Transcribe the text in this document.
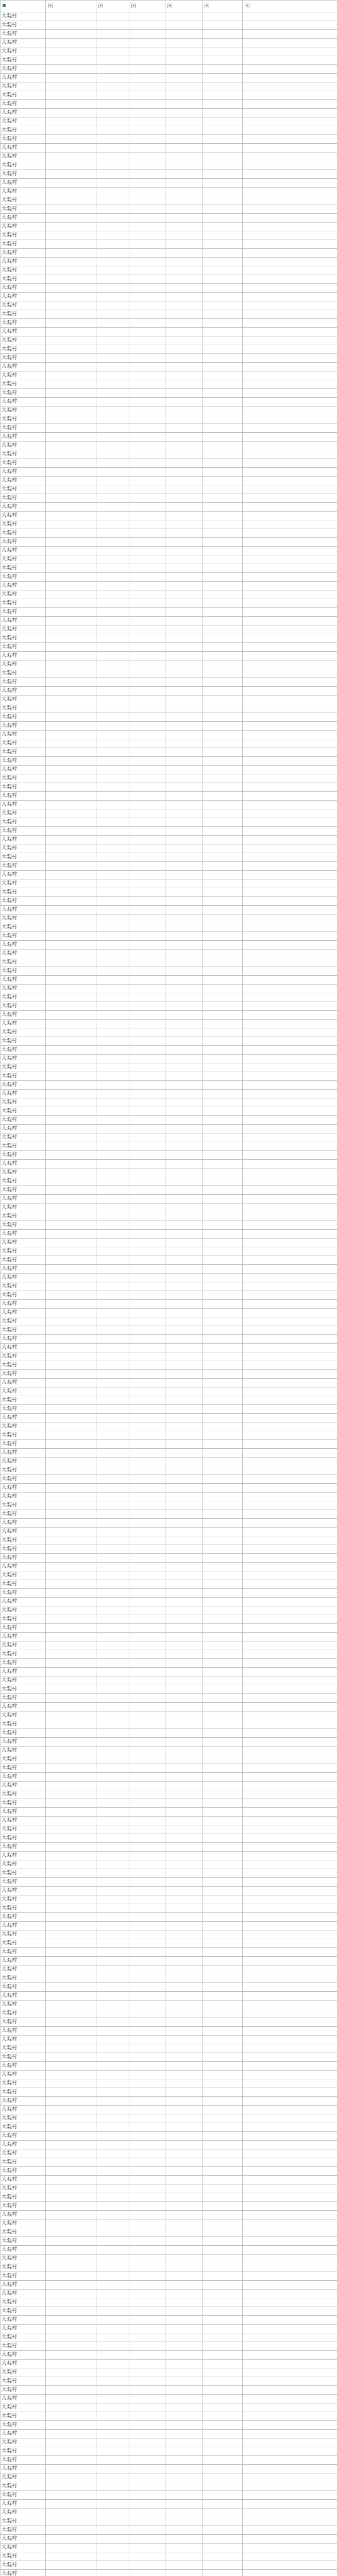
	▾	▾	▾	▾	▾		▾
大观村							
大观村							
大观村							
大观村							
大观村							
大观村							
大观村							
大观村							
大观村							
大观村							
大观村							
大观村							
大观村							
大观村							
大观村							
大观村							
大观村							
大观村							
大观村							
大观村							
大观村							
大观村							
大观村							
大观村							
大观村							
大观村							
大观村							
大观村							
大观村							
大观村							
大观村							
大观村							
大观村							
大观村							
大观村							
大观村							
大观村							
大观村							
大观村							
大观村							
大观村							
大观村							
大观村							
大观村							
大观村							
大观村							
大观村							
大观村							
大观村							
大观村							
大观村							
大观村							
大观村							
大观村							
大观村							
大观村							
大观村							
大观村							
大观村							
大观村							
大观村							
大观村							
大观村							
大观村							
大观村							
大观村							
大观村							
大观村							
大观村							
大观村							
大观村							
大观村							
大观村							
大观村							
大观村							
大观村							
大观村							
大观村							
大观村							
大观村							
大观村							
大观村							
大观村							
大观村							
大观村							
大观村							
大观村							
大观村							
大观村							
大观村							
大观村							
大观村							
大观村							
大观村							
大观村							
大观村							
大观村							
大观村							
大观村							
大观村							
大观村							
大观村							
大观村							
大观村							
大观村							
大观村							
大观村							
大观村							
大观村							
大观村							
大观村							
大观村							
大观村							
大观村							
大观村							
大观村							
大观村							
大观村							
大观村							
大观村							
大观村							
大观村							
大观村							
大观村							
大观村							
大观村							
大观村							
大观村							
大观村							
大观村							
大观村							
大观村							
大观村							
大观村							
大观村							
大观村							
大观村							
大观村							
大观村							
大观村							
大观村							
大观村							
大观村							
大观村							
大观村							
大观村							
大观村							
大观村							
大观村							
大观村							
大观村							
大观村							
大观村							
大观村							
大观村							
大观村							
大观村							
大观村							
大观村							
大观村							
大观村							
大观村							
大观村							
大观村							
大观村							
大观村							
大观村							
大观村							
大观村							
大观村							
大观村							
大观村							
大观村							
大观村							
大观村							
大观村							
大观村							
大观村							
大观村							
大观村							
大观村							
大观村							
大观村							
大观村							
大观村							
大观村							
大观村							
大观村							
大观村							
大观村							
大观村							
大观村							
大观村							
大观村							
大观村							
大观村							
大观村							
大观村							
大观村							
大观村							
大观村							
大观村							
大观村							
大观村							
大观村							
大观村							
大观村							
大观村							
大观村							
大观村							
大观村							
大观村							
大观村							
大观村							
大观村							
大观村							
大观村							
大观村							
大观村							
大观村							
大观村							
大观村							
大观村							
大观村							
大观村							
大观村							
大观村							
大观村							
大观村							
大观村							
大观村							
大观村							
大观村							
大观村							
大观村							
大观村							
大观村							
大观村							
大观村							
大观村							
大观村							
大观村							
大观村							
大观村							
大观村							
大观村							
大观村							
大观村							
大观村							
大观村							
大观村							
大观村							
大观村							
大观村							
大观村							
大观村							
大观村							
大观村							
大观村							
大观村							
大观村							
大观村							
大观村							
大观村							
大观村							
大观村							
大观村							
大观村							
大观村							
大观村							
大观村							
大观村							
大观村							
大观村							
大观村							
大观村							
大观村							
大观村							
大观村							
大观村							
大观村							
大观村							
大观村							
大观村							
大观村							
大观村							
大观村							
大观村							
大观村							
大观村							
大观村							
大观村							
大观村							
